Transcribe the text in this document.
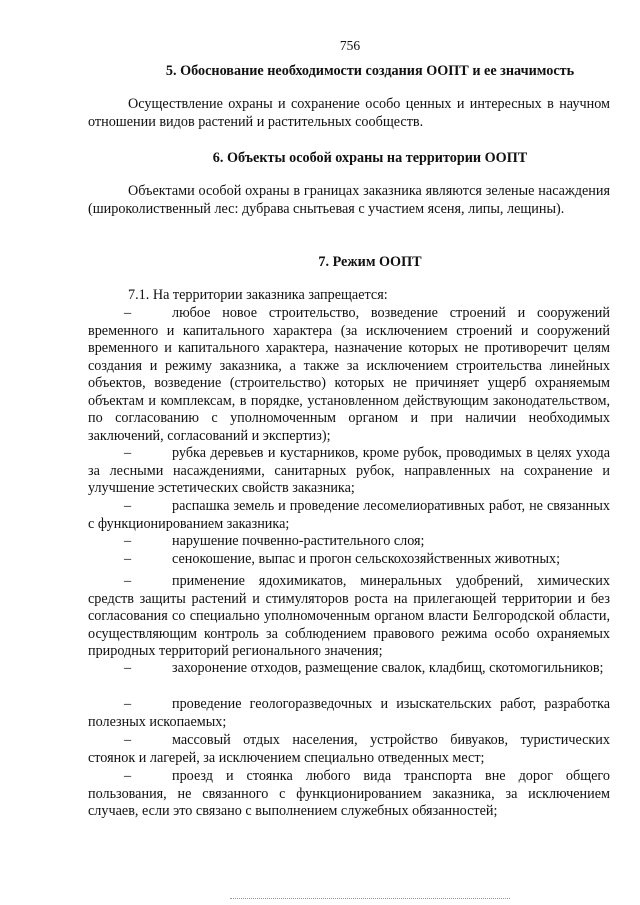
756
5. Обоснование необходимости создания ООПТ и ее значимость
Осуществление охраны и сохранение особо ценных и интересных в научном отношении видов растений и растительных сообществ.
6. Объекты особой охраны на территории ООПТ
Объектами особой охраны в границах заказника являются зеленые насаждения (широколиственный лес: дубрава снытьевая с участием ясеня, липы, лещины).
7. Режим ООПТ
7.1. На территории заказника запрещается:
–	любое новое строительство, возведение строений и сооружений временного и капитального характера (за исключением строений и сооружений временного и капитального характера, назначение которых не противоречит целям создания и режиму заказника, а также за исключением строительства линейных объектов, возведение (строительство) которых не причиняет ущерб охраняемым объектам и комплексам, в порядке, установленном действующим законодательством, по согласованию с уполномоченным органом и при наличии необходимых заключений, согласований и экспертиз);
–	рубка деревьев и кустарников, кроме рубок, проводимых в целях ухода за лесными насаждениями, санитарных рубок, направленных на сохранение и улучшение эстетических свойств заказника;
–	распашка земель и проведение лесомелиоративных работ, не связанных с функционированием заказника;
–	нарушение почвенно-растительного слоя;
–	сенокошение, выпас и прогон сельскохозяйственных животных;
–	применение ядохимикатов, минеральных удобрений, химических средств защиты растений и стимуляторов роста на прилегающей территории и без согласования со специально уполномоченным органом власти Белгородской области, осуществляющим контроль за соблюдением правового режима особо охраняемых природных территорий регионального значения;
–	захоронение отходов, размещение свалок, кладбищ, скотомогильников;
–	проведение геологоразведочных и изыскательских работ, разработка полезных ископаемых;
–	массовый отдых населения, устройство бивуаков, туристических стоянок и лагерей, за исключением специально отведенных мест;
–	проезд и стоянка любого вида транспорта вне дорог общего пользования, не связанного с функционированием заказника, за исключением случаев, если это связано с выполнением служебных обязанностей;
